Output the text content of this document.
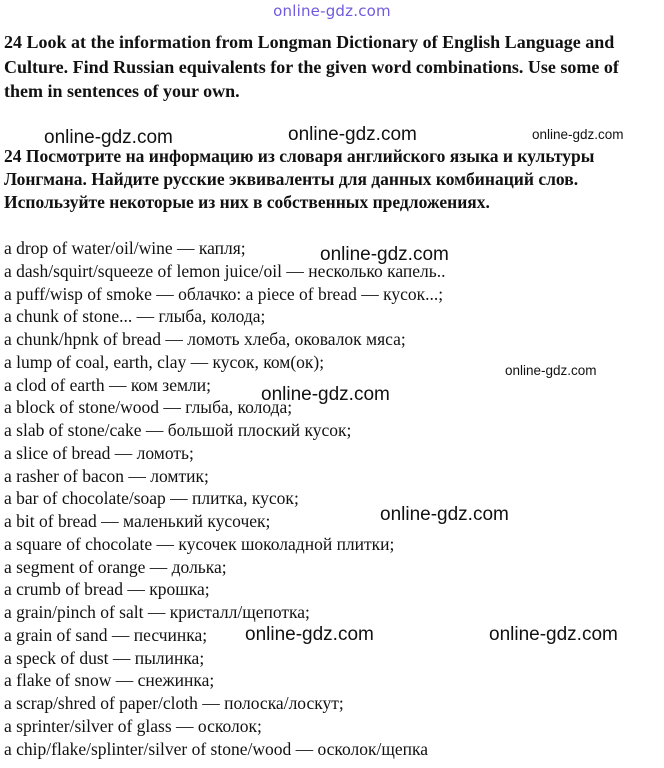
online-gdz.com

24 Look at the information from Longman Dictionary of English Language and Culture. Find Russian equivalents for the given word combinations. Use some of them in sentences of your own.

24 Посмотрите на информацию из словаря английского языка и культуры Лонгмана. Найдите русские эквиваленты для данных комбинаций слов. Используйте некоторые из них в собственных предложениях.

a drop of water/oil/wine — капля;
a dash/squirt/squeeze of lemon juice/oil — несколько капель..
a puff/wisp of smoke — облачко: a piece of bread — кусок...;
a chunk of stone... — глыба, колода;
a chunk/hpnk of bread — ломоть хлеба, оковалок мяса;
a lump of coal, earth, clay — кусок, ком(ок);
a clod of earth — ком земли;
a block of stone/wood — глыба, колода;
a slab of stone/cake — большой плоский кусок;
a slice of bread — ломоть;
a rasher of bacon — ломтик;
a bar of chocolate/soap — плитка, кусок;
a bit of bread — маленький кусочек;
a square of chocolate — кусочек шоколадной плитки;
a segment of orange — долька;
a crumb of bread — крошка;
a grain/pinch of salt — кристалл/щепотка;
a grain of sand — песчинка;
a speck of dust — пылинка;
a flake of snow — снежинка;
a scrap/shred of paper/cloth — полоска/лоскут;
a sprinter/silver of glass — осколок;
a chip/flake/splinter/silver of stone/wood — осколок/щепка
online-gdz.com	online-gdz.com	online-gdz.com
online-gdz.com
online-gdz.com
online-gdz.com
online-gdz.com
online-gdz.com	online-gdz.com
